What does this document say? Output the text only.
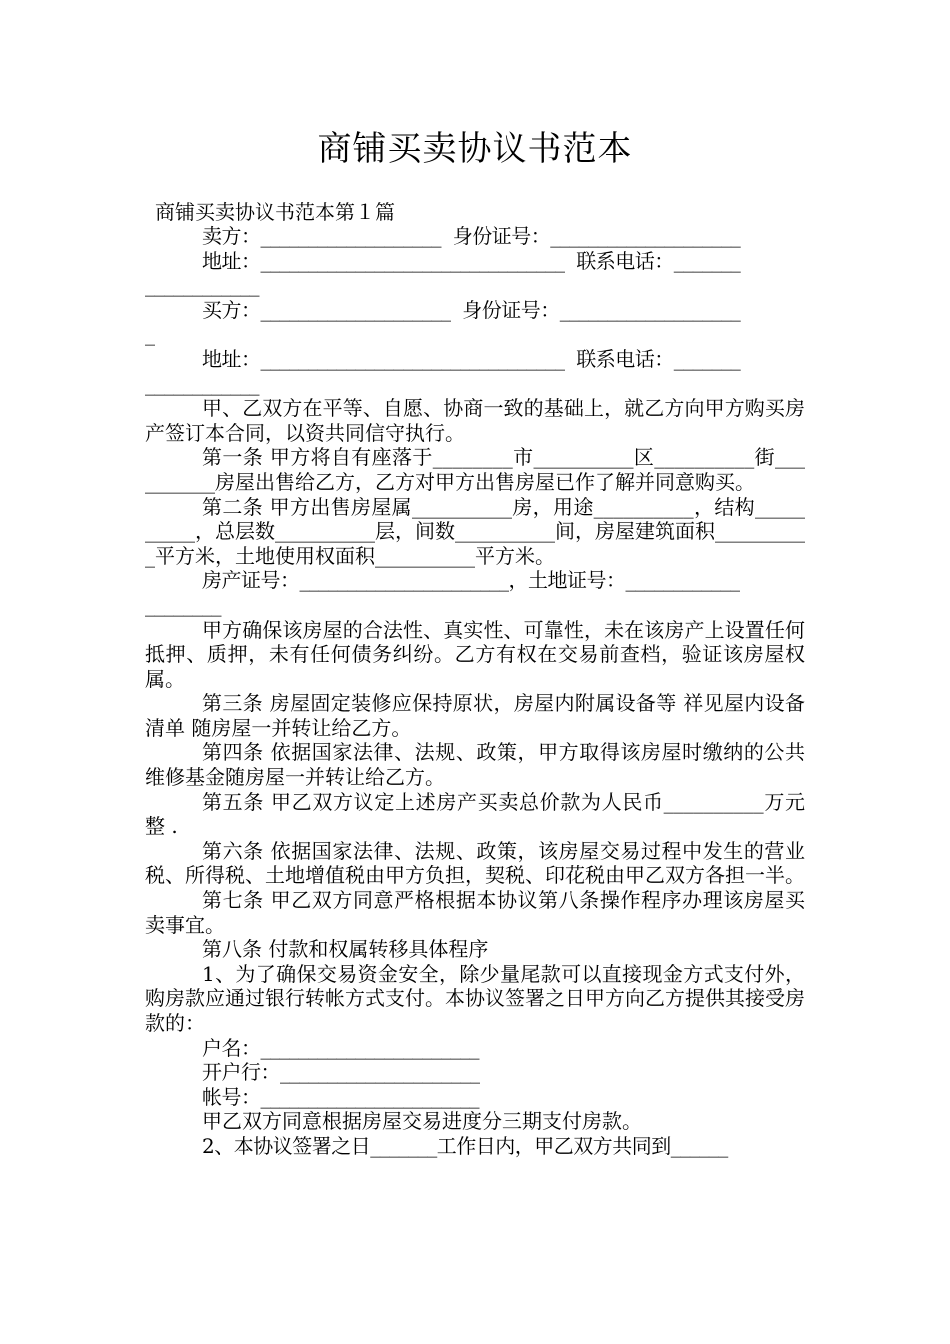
商铺买卖协议书范本
商铺买卖协议书范本第１篇
卖方：___________________  身份证号：____________________
地址：________________________________  联系电话：_______
____________
买方：____________________  身份证号：___________________
_
地址：________________________________  联系电话：_______
____________
甲、乙双方在平等、自愿、协商一致的基础上，就乙方向甲方购买房产签订本合同，以资共同信守执行。
第一条 甲方将自有座落于________市__________区__________街__________房屋出售给乙方，乙方对甲方出售房屋已作了解并同意购买。
第二条 甲方出售房屋属__________房，用途__________，结构__________，总层数__________层，间数__________间，房屋建筑面积__________平方米，土地使用权面积__________平方米。
房产证号：______________________，土地证号：____________
________
甲方确保该房屋的合法性、真实性、可靠性，未在该房产上设置任何抵押、质押，未有任何债务纠纷。乙方有权在交易前查档，验证该房屋权属。
第三条 房屋固定装修应保持原状，房屋内附属设备等 祥见屋内设备清单 随房屋一并转让给乙方。
第四条 依据国家法律、法规、政策，甲方取得该房屋时缴纳的公共维修基金随房屋一并转让给乙方。
第五条 甲乙双方议定上述房产买卖总价款为人民币__________万元整 .
第六条 依据国家法律、法规、政策，该房屋交易过程中发生的营业税、所得税、土地增值税由甲方负担，契税、印花税由甲乙双方各担一半。
第七条 甲乙双方同意严格根据本协议第八条操作程序办理该房屋买卖事宜。
第八条 付款和权属转移具体程序
1、为了确保交易资金安全，除少量尾款可以直接现金方式支付外，购房款应通过银行转帐方式支付。本协议签署之日甲方向乙方提供其接受房款的：
户名：_______________________
开户行：_____________________
帐号：_______________________
甲乙双方同意根据房屋交易进度分三期支付房款。
2、本协议签署之日_______工作日内，甲乙双方共同到______
